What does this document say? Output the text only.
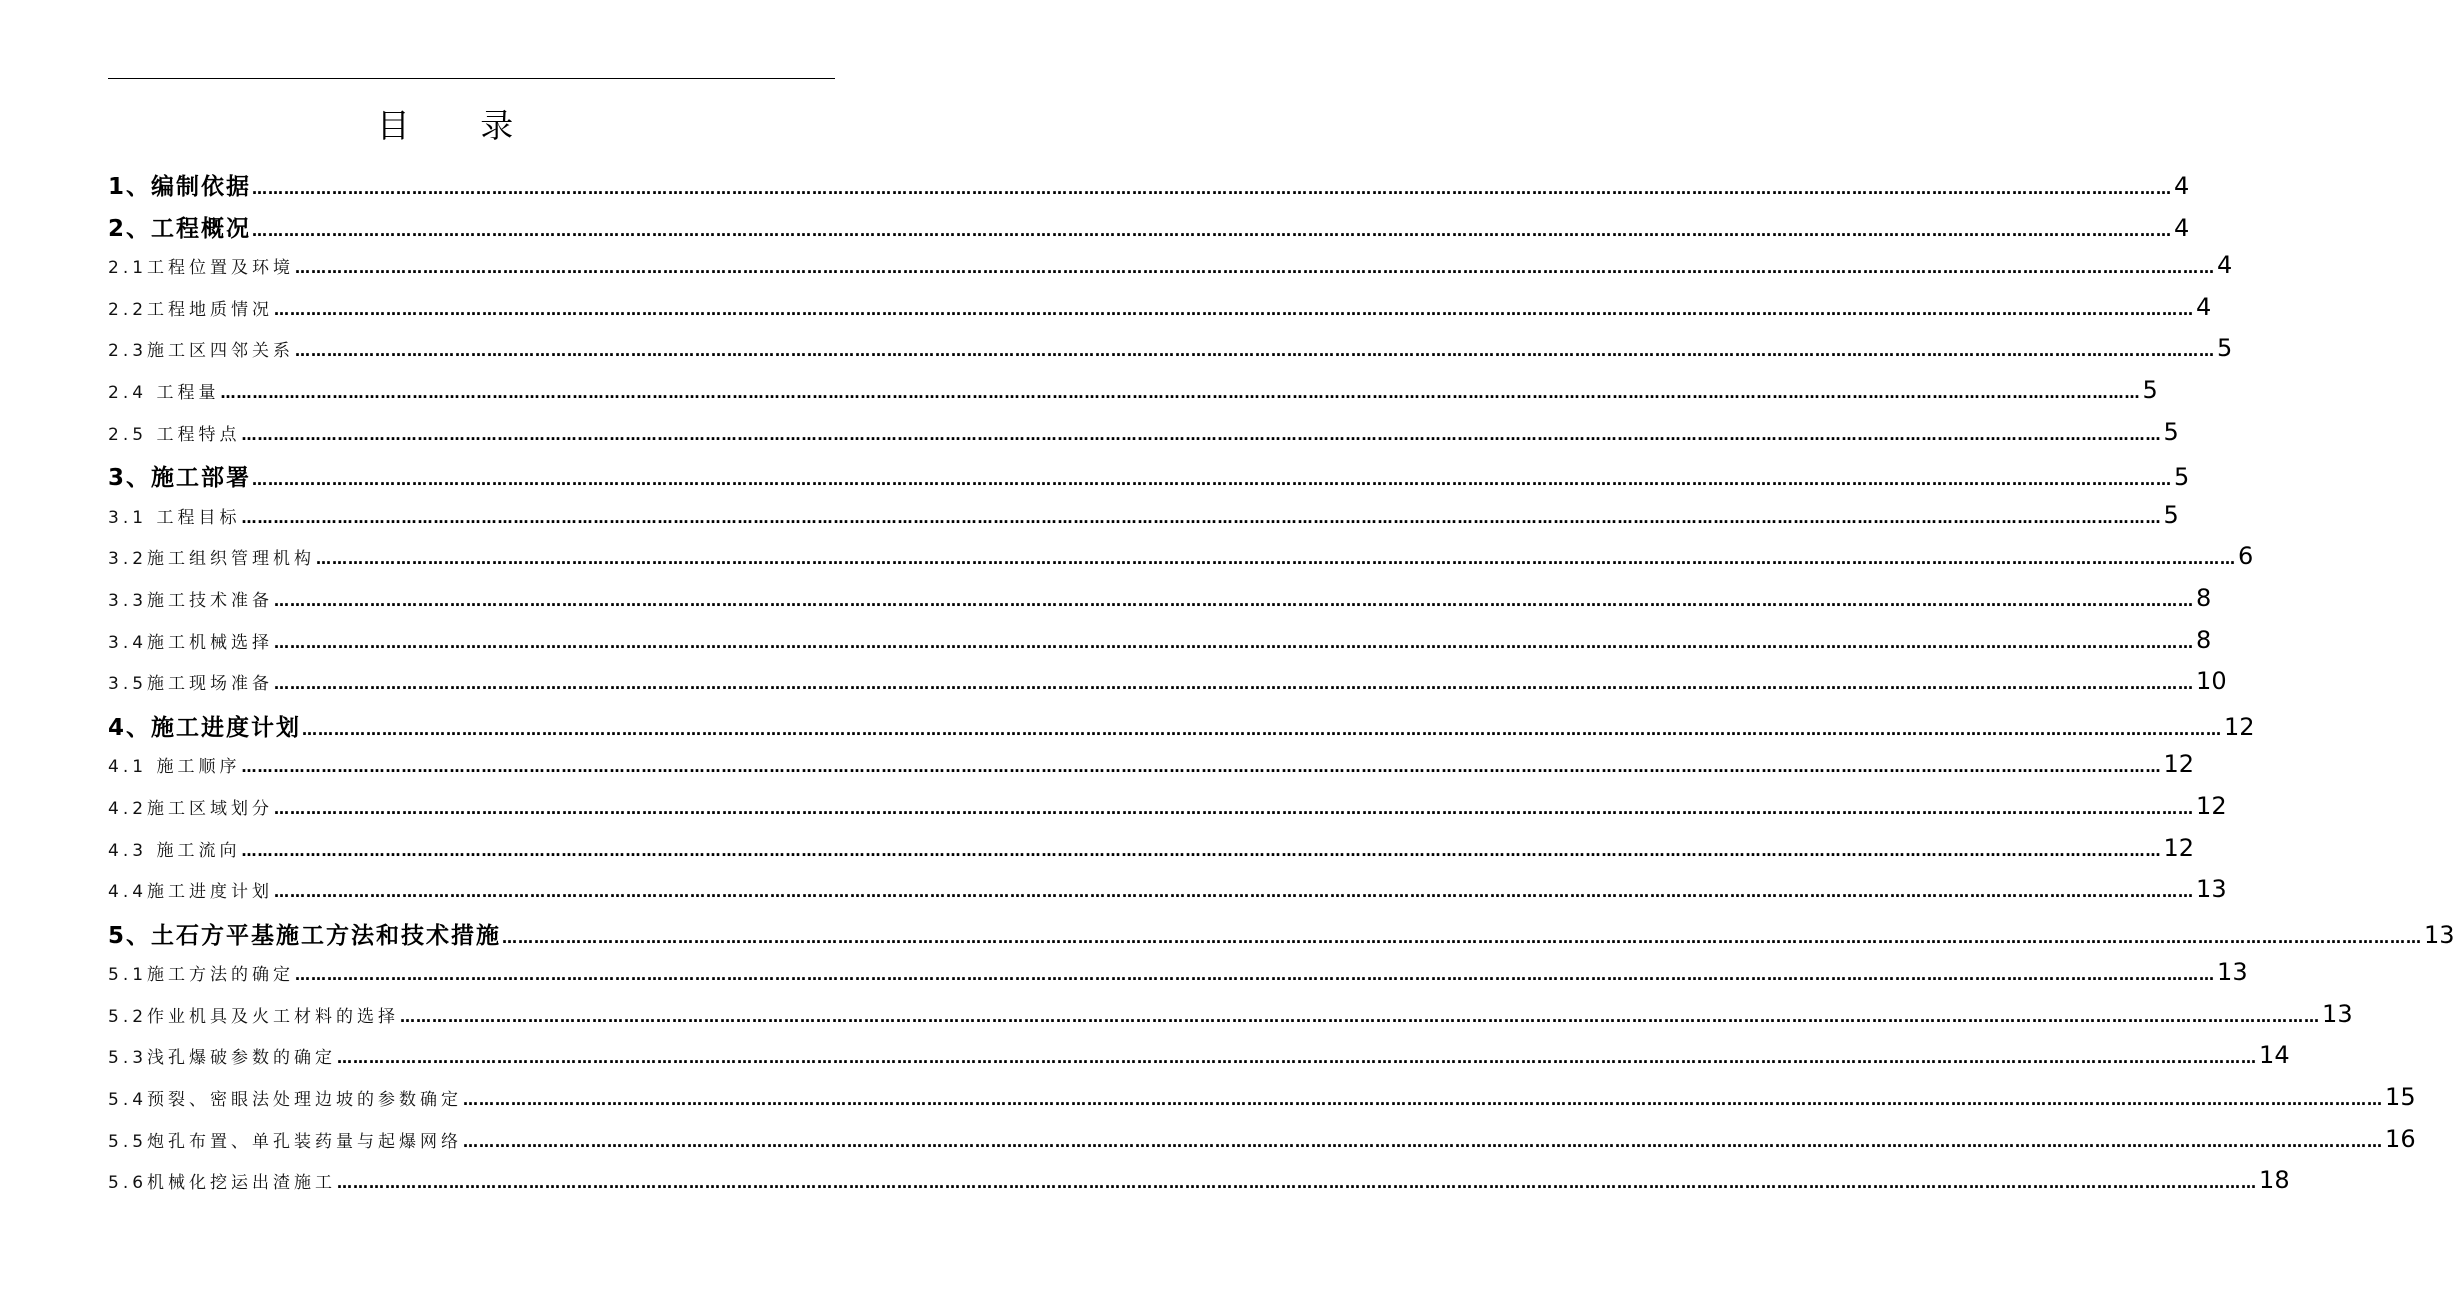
目 录
1、编制依据 ……………………………………………………………………………………………………………………………………………………………………………………………………………………………………………………………………………………………………………………………… 4
2、工程概况 ……………………………………………………………………………………………………………………………………………………………………………………………………………………………………………………………………………………………………………………………… 4
2.1工程位置及环境 ……………………………………………………………………………………………………………………………………………………………………………………………………………………………………………………………………………………………………………………………… 4
2.2工程地质情况 ……………………………………………………………………………………………………………………………………………………………………………………………………………………………………………………………………………………………………………………………… 4
2.3施工区四邻关系 ……………………………………………………………………………………………………………………………………………………………………………………………………………………………………………………………………………………………………………………………… 5
2.4 工程量 ……………………………………………………………………………………………………………………………………………………………………………………………………………………………………………………………………………………………………………………………… 5
2.5 工程特点 ……………………………………………………………………………………………………………………………………………………………………………………………………………………………………………………………………………………………………………………………… 5
3、施工部署 ……………………………………………………………………………………………………………………………………………………………………………………………………………………………………………………………………………………………………………………………… 5
3.1 工程目标 ……………………………………………………………………………………………………………………………………………………………………………………………………………………………………………………………………………………………………………………………… 5
3.2施工组织管理机构 ……………………………………………………………………………………………………………………………………………………………………………………………………………………………………………………………………………………………………………………………… 6
3.3施工技术准备 ……………………………………………………………………………………………………………………………………………………………………………………………………………………………………………………………………………………………………………………………… 8
3.4施工机械选择 ……………………………………………………………………………………………………………………………………………………………………………………………………………………………………………………………………………………………………………………………… 8
3.5施工现场准备 ……………………………………………………………………………………………………………………………………………………………………………………………………………………………………………………………………………………………………………………………… 10
4、施工进度计划 ……………………………………………………………………………………………………………………………………………………………………………………………………………………………………………………………………………………………………………………………… 12
4.1 施工顺序 ……………………………………………………………………………………………………………………………………………………………………………………………………………………………………………………………………………………………………………………………… 12
4.2施工区域划分 ……………………………………………………………………………………………………………………………………………………………………………………………………………………………………………………………………………………………………………………………… 12
4.3 施工流向 ……………………………………………………………………………………………………………………………………………………………………………………………………………………………………………………………………………………………………………………………… 12
4.4施工进度计划 ……………………………………………………………………………………………………………………………………………………………………………………………………………………………………………………………………………………………………………………………… 13
5、土石方平基施工方法和技术措施 ……………………………………………………………………………………………………………………………………………………………………………………………………………………………………………………………………………………………………………………………… 13
5.1施工方法的确定 ……………………………………………………………………………………………………………………………………………………………………………………………………………………………………………………………………………………………………………………………… 13
5.2作业机具及火工材料的选择 ……………………………………………………………………………………………………………………………………………………………………………………………………………………………………………………………………………………………………………………………… 13
5.3浅孔爆破参数的确定 ……………………………………………………………………………………………………………………………………………………………………………………………………………………………………………………………………………………………………………………………… 14
5.4预裂、密眼法处理边坡的参数确定 ……………………………………………………………………………………………………………………………………………………………………………………………………………………………………………………………………………………………………………………………… 15
5.5炮孔布置、单孔装药量与起爆网络 ……………………………………………………………………………………………………………………………………………………………………………………………………………………………………………………………………………………………………………………………… 16
5.6机械化挖运出渣施工 ……………………………………………………………………………………………………………………………………………………………………………………………………………………………………………………………………………………………………………………………… 18
